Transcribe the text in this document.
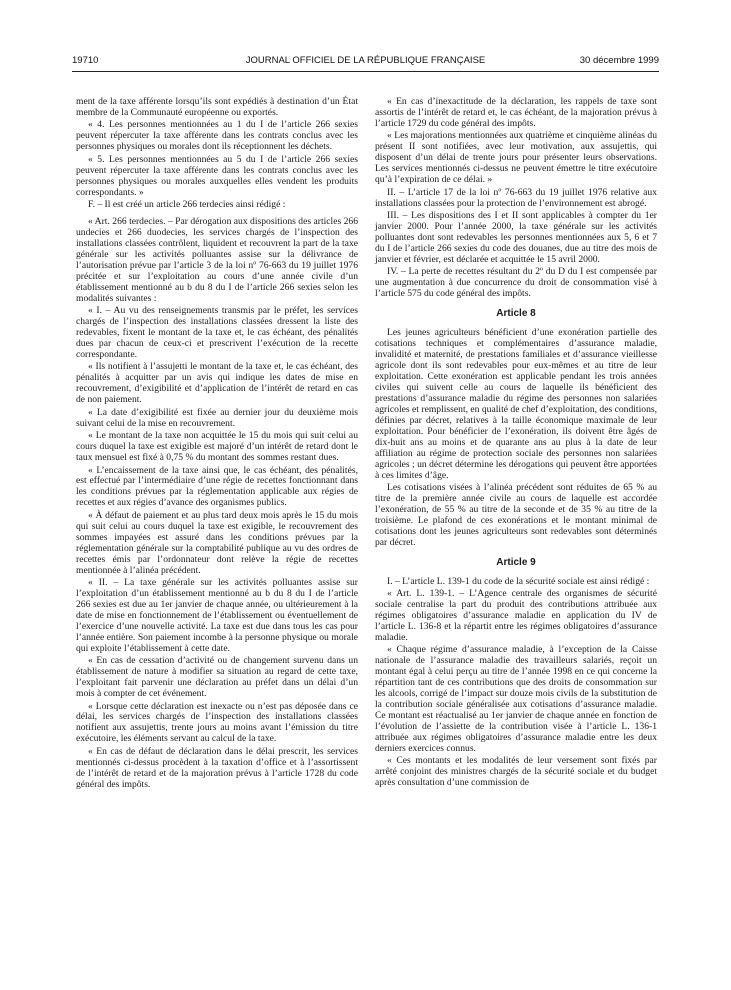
19710	JOURNAL OFFICIEL DE LA RÉPUBLIQUE FRANÇAISE	30 décembre 1999

ment de la taxe afférente lorsqu’ils sont expédiés à destination d’un État membre de la Communauté européenne ou exportés.

« 4. Les personnes mentionnées au 1 du I de l’article 266 sexies peuvent répercuter la taxe afférente dans les contrats conclus avec les personnes physiques ou morales dont ils réceptionnent les déchets.

« 5. Les personnes mentionnées au 5 du I de l’article 266 sexies peuvent répercuter la taxe afférente dans les contrats conclus avec les personnes physiques ou morales auxquelles elles vendent les produits correspondants. »

F. – Il est créé un article 266 terdecies ainsi rédigé :

« Art. 266 terdecies. – Par dérogation aux dispositions des articles 266 undecies et 266 duodecies, les services chargés de l’inspection des installations classées contrôlent, liquident et recouvrent la part de la taxe générale sur les activités polluantes assise sur la délivrance de l’autorisation prévue par l’article 3 de la loi nº 76-663 du 19 juillet 1976 précitée et sur l’exploitation au cours d’une année civile d’un établissement mentionné au b du 8 du I de l’article 266 sexies selon les modalités suivantes :

« I. – Au vu des renseignements transmis par le préfet, les services chargés de l’inspection des installations classées dressent la liste des redevables, fixent le montant de la taxe et, le cas échéant, des pénalités dues par chacun de ceux-ci et prescrivent l’exécution de la recette correspondante.

« Ils notifient à l’assujetti le montant de la taxe et, le cas échéant, des pénalités à acquitter par un avis qui indique les dates de mise en recouvrement, d’exigibilité et d’application de l’intérêt de retard en cas de non paiement.

« La date d’exigibilité est fixée au dernier jour du deuxième mois suivant celui de la mise en recouvrement.

« Le montant de la taxe non acquittée le 15 du mois qui suit celui au cours duquel la taxe est exigible est majoré d’un intérêt de retard dont le taux mensuel est fixé à 0,75 % du montant des sommes restant dues.

« L’encaissement de la taxe ainsi que, le cas échéant, des pénalités, est effectué par l’intermédiaire d’une régie de recettes fonctionnant dans les conditions prévues par la réglementation applicable aux régies de recettes et aux régies d’avance des organismes publics.

« À défaut de paiement et au plus tard deux mois après le 15 du mois qui suit celui au cours duquel la taxe est exigible, le recouvrement des sommes impayées est assuré dans les conditions prévues par la réglementation générale sur la comptabilité publique au vu des ordres de recettes émis par l’ordonnateur dont relève la régie de recettes mentionnée à l’alinéa précédent.

« II. – La taxe générale sur les activités polluantes assise sur l’exploitation d’un établissement mentionné au b du 8 du I de l’article 266 sexies est due au 1er janvier de chaque année, ou ultérieurement à la date de mise en fonctionnement de l’établissement ou éventuellement de l’exercice d’une nouvelle activité. La taxe est due dans tous les cas pour l’année entière. Son paiement incombe à la personne physique ou morale qui exploite l’établissement à cette date.

« En cas de cessation d’activité ou de changement survenu dans un établissement de nature à modifier sa situation au regard de cette taxe, l’exploitant fait parvenir une déclaration au préfet dans un délai d’un mois à compter de cet événement.

« Lorsque cette déclaration est inexacte ou n’est pas déposée dans ce délai, les services chargés de l’inspection des installations classées notifient aux assujettis, trente jours au moins avant l’émission du titre exécutoire, les éléments servant au calcul de la taxe.

« En cas de défaut de déclaration dans le délai prescrit, les services mentionnés ci-dessus procèdent à la taxation d’office et à l’assortissent de l’intérêt de retard et de la majoration prévus à l’article 1728 du code général des impôts.

« En cas d’inexactitude de la déclaration, les rappels de taxe sont assortis de l’intérêt de retard et, le cas échéant, de la majoration prévus à l’article 1729 du code général des impôts.

« Les majorations mentionnées aux quatrième et cinquième alinéas du présent II sont notifiées, avec leur motivation, aux assujettis, qui disposent d’un délai de trente jours pour présenter leurs observations. Les services mentionnés ci-dessus ne peuvent émettre le titre exécutoire qu’à l’expiration de ce délai. »

II. – L’article 17 de la loi nº 76-663 du 19 juillet 1976 relative aux installations classées pour la protection de l’environnement est abrogé.

III. – Les dispositions des I et II sont applicables à compter du 1er janvier 2000. Pour l’année 2000, la taxe générale sur les activités polluantes dont sont redevables les personnes mentionnées aux 5, 6 et 7 du I de l’article 266 sexies du code des douanes, due au titre des mois de janvier et février, est déclarée et acquittée le 15 avril 2000.

IV. – La perte de recettes résultant du 2º du D du I est compensée par une augmentation à due concurrence du droit de consommation visé à l’article 575 du code général des impôts.

Article 8

Les jeunes agriculteurs bénéficient d’une exonération partielle des cotisations techniques et complémentaires d’assurance maladie, invalidité et maternité, de prestations familiales et d’assurance vieillesse agricole dont ils sont redevables pour eux-mêmes et au titre de leur exploitation. Cette exonération est applicable pendant les trois années civiles qui suivent celle au cours de laquelle ils bénéficient des prestations d’assurance maladie du régime des personnes non salariées agricoles et remplissent, en qualité de chef d’exploitation, des conditions, définies par décret, relatives à la taille économique maximale de leur exploitation. Pour bénéficier de l’exonération, ils doivent être âgés de dix-huit ans au moins et de quarante ans au plus à la date de leur affiliation au régime de protection sociale des personnes non salariées agricoles ; un décret détermine les dérogations qui peuvent être apportées à ces limites d’âge.

Les cotisations visées à l’alinéa précédent sont réduites de 65 % au titre de la première année civile au cours de laquelle est accordée l’exonération, de 55 % au titre de la seconde et de 35 % au titre de la troisième. Le plafond de ces exonérations et le montant minimal de cotisations dont les jeunes agriculteurs sont redevables sont déterminés par décret.

Article 9

I. – L’article L. 139-1 du code de la sécurité sociale est ainsi rédigé :

« Art. L. 139-1. – L’Agence centrale des organismes de sécurité sociale centralise la part du produit des contributions attribuée aux régimes obligatoires d’assurance maladie en application du IV de l’article L. 136-8 et la répartit entre les régimes obligatoires d’assurance maladie.

« Chaque régime d’assurance maladie, à l’exception de la Caisse nationale de l’assurance maladie des travailleurs salariés, reçoit un montant égal à celui perçu au titre de l’année 1998 en ce qui concerne la répartition tant de ces contributions que des droits de consommation sur les alcools, corrigé de l’impact sur douze mois civils de la substitution de la contribution sociale généralisée aux cotisations d’assurance maladie. Ce montant est réactualisé au 1er janvier de chaque année en fonction de l’évolution de l’assiette de la contribution visée à l’article L. 136-1 attribuée aux régimes obligatoires d’assurance maladie entre les deux derniers exercices connus.

« Ces montants et les modalités de leur versement sont fixés par arrêté conjoint des ministres chargés de la sécurité sociale et du budget après consultation d’une commission de
